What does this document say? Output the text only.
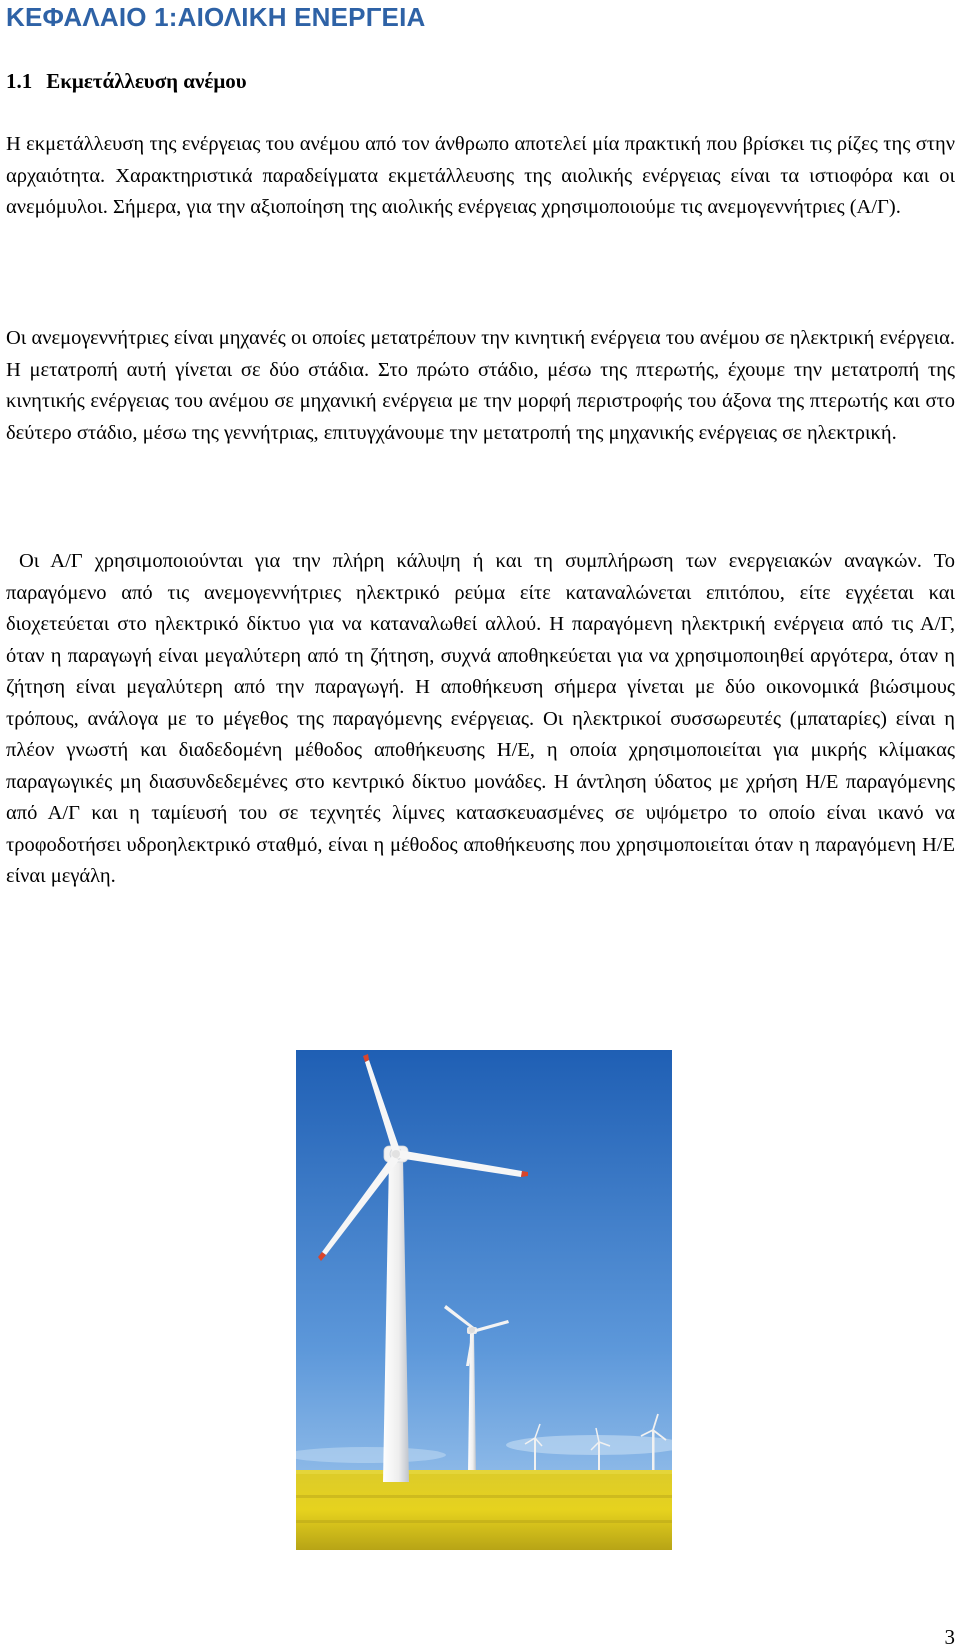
ΚΕΦΑΛΑΙΟ 1:ΑΙΟΛΙΚΗ ΕΝΕΡΓΕΙΑ
1.1 Εκμετάλλευση ανέμου

Η εκμετάλλευση της ενέργειας του ανέμου από τον άνθρωπο αποτελεί μία πρακτική που βρίσκει τις ρίζες της στην αρχαιότητα. Χαρακτηριστικά παραδείγματα εκμετάλλευσης της αιολικής ενέργειας είναι τα ιστιοφόρα και οι ανεμόμυλοι. Σήμερα, για την αξιοποίηση της αιολικής ενέργειας χρησιμοποιούμε τις ανεμογεννήτριες (Α/Γ).

Οι ανεμογεννήτριες είναι μηχανές οι οποίες μετατρέπουν την κινητική ενέργεια του ανέμου σε ηλεκτρική ενέργεια. Η μετατροπή αυτή γίνεται σε δύο στάδια. Στο πρώτο στάδιο, μέσω της πτερωτής, έχουμε την μετατροπή της κινητικής ενέργειας του ανέμου σε μηχανική ενέργεια με την μορφή περιστροφής του άξονα της πτερωτής και στο δεύτερο στάδιο, μέσω της γεννήτριας, επιτυγχάνουμε την μετατροπή της μηχανικής ενέργειας σε ηλεκτρική.

Οι Α/Γ χρησιμοποιούνται για την πλήρη κάλυψη ή και τη συμπλήρωση των ενεργειακών αναγκών. Το παραγόμενο από τις ανεμογεννήτριες ηλεκτρικό ρεύμα είτε καταναλώνεται επιτόπου, είτε εγχέεται και διοχετεύεται στο ηλεκτρικό δίκτυο για να καταναλωθεί αλλού. Η παραγόμενη ηλεκτρική ενέργεια από τις Α/Γ, όταν η παραγωγή είναι μεγαλύτερη από τη ζήτηση, συχνά αποθηκεύεται για να χρησιμοποιηθεί αργότερα, όταν η ζήτηση είναι μεγαλύτερη από την παραγωγή. Η αποθήκευση σήμερα γίνεται με δύο οικονομικά βιώσιμους τρόπους, ανάλογα με το μέγεθος της παραγόμενης ενέργειας. Οι ηλεκτρικοί συσσωρευτές (μπαταρίες) είναι η πλέον γνωστή και διαδεδομένη μέθοδος αποθήκευσης Η/Ε, η οποία χρησιμοποιείται για μικρής κλίμακας παραγωγικές μη διασυνδεδεμένες στο κεντρικό δίκτυο μονάδες. Η άντληση ύδατος με χρήση Η/Ε παραγόμενης από Α/Γ και η ταμίευσή του σε τεχνητές λίμνες κατασκευασμένες σε υψόμετρο το οποίο είναι ικανό να τροφοδοτήσει υδροηλεκτρικό σταθμό, είναι η μέθοδος αποθήκευσης που χρησιμοποιείται όταν η παραγόμενη Η/Ε είναι μεγάλη.

3
